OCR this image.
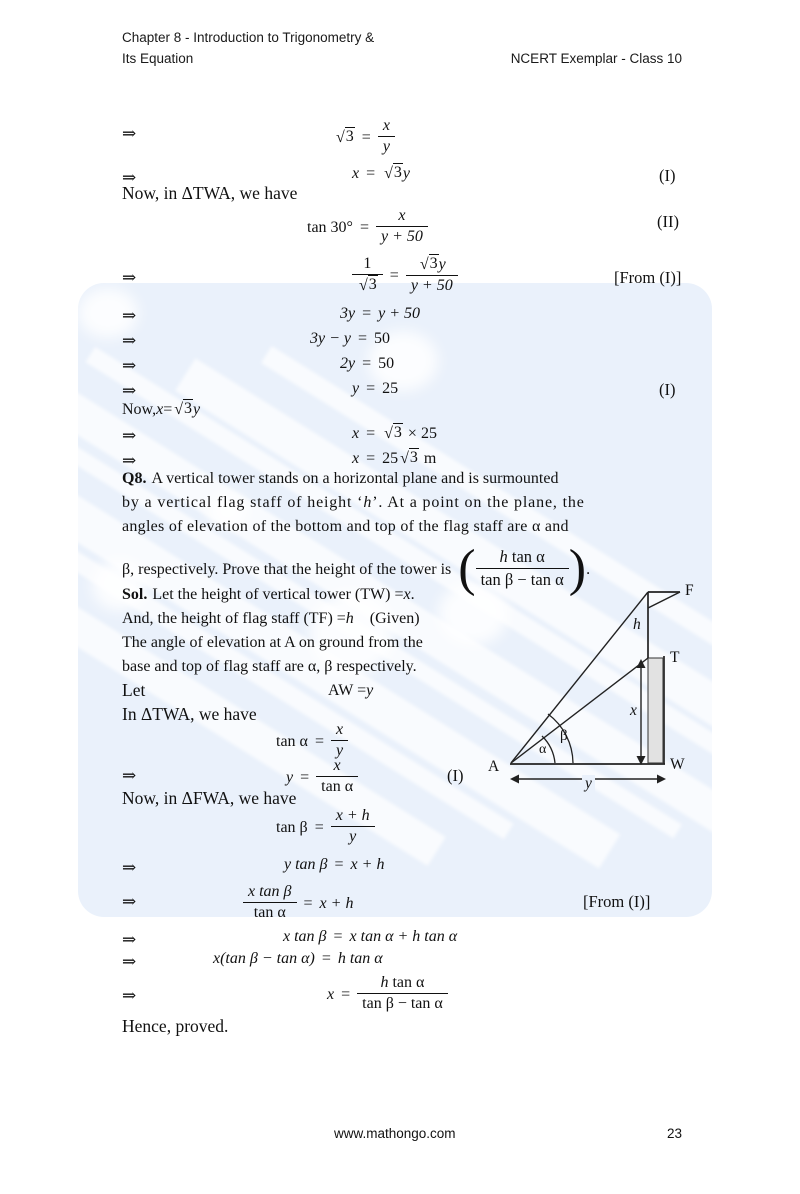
Chapter 8 - Introduction to Trigonometry &
Its Equation	NCERT Exemplar - Class 10
⇒	$√3 = \frac{x}{y}$
⇒	x = √3 y	(I)
Now, in ΔTWA, we have
$\tan 30^\circ = \frac{x}{y + 50}$	(II)
⇒	$\frac{1}{√3} = \frac{√3y}{y + 50}$	[From (I)]
⇒	3y = y + 50
⇒	3y − y = 50
⇒	2y = 50
⇒	y = 25	(I)
Now, x = √3 y
⇒	x = √3 × 25
⇒	x = 25 √3 m
Q8. A vertical tower stands on a horizontal plane and is surmounted
by a vertical flag staff of height ‘ h ’. At a point on the plane, the
angles of elevation of the bottom and top of the flag staff are α and
β, respectively. Prove that the height of the tower is ( $\frac{\text{h tan α}}{\text{tan β − tan α}}$ ) .
Sol. Let the height of vertical tower (TW) = x .
And, the height of flag staff (TF) = h (Given)
The angle of elevation at A on ground from the
base and top of flag staff are α, β respectively.
Let	AW = y
In ΔTWA, we have
$\tan \alpha = \frac{x}{y}$
⇒	$y = \frac{x}{\text{tan α}}$	(I)
Now, in ΔFWA, we have
$\tan \beta = \frac{x + h}{y}$
⇒	y tan β = x + h
⇒	$\frac{\text{x tan β}}{\text{tan α}} = x + h$	[From (I)]
⇒	x tan β = x tan α + h tan α
⇒	x(tan β − tan α) = h tan α
⇒	$x = \frac{\text{h tan α}}{\text{tan β − tan α}}$
Hence, proved.
A	W
T
F
h
x
y
α
β
www.mathongo.com	23
